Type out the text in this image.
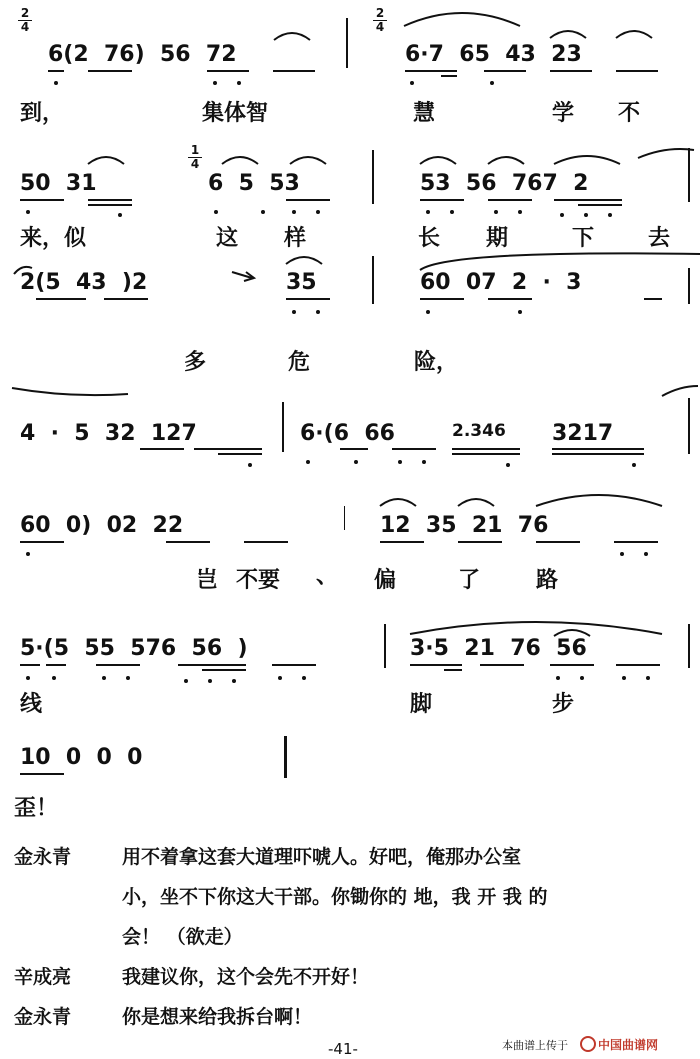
2
4
6(2  76)  56  72
2
4
6·7  65  43  23
到，	集体智	慧	学 不
50  31
1
4
6  5  53	53  56  767  2
来，似	这 样	长 期	下 去
2(5  43  )2	35	60  07  2  ·  3
多	危	险，
4  ·  5  32  127	6·(6  66	2.346 3217
60  0)  02  22	12  35  21  76
岂 不要 、 偏	了	路
5·(5  55  576  56  )	3·5  21  76  56
线	脚	步
10  0  0  0
歪！
金永青	用不着拿这套大道理吓唬人。好吧，俺那办公室
小，坐不下你这大干部。你锄你的 地，我 开 我 的
会！ （欲走）
辛成亮	我建议你，这个会先不开好！
金永青	你是想来给我拆台啊！
-41-	本曲谱上传于	中国曲谱网
